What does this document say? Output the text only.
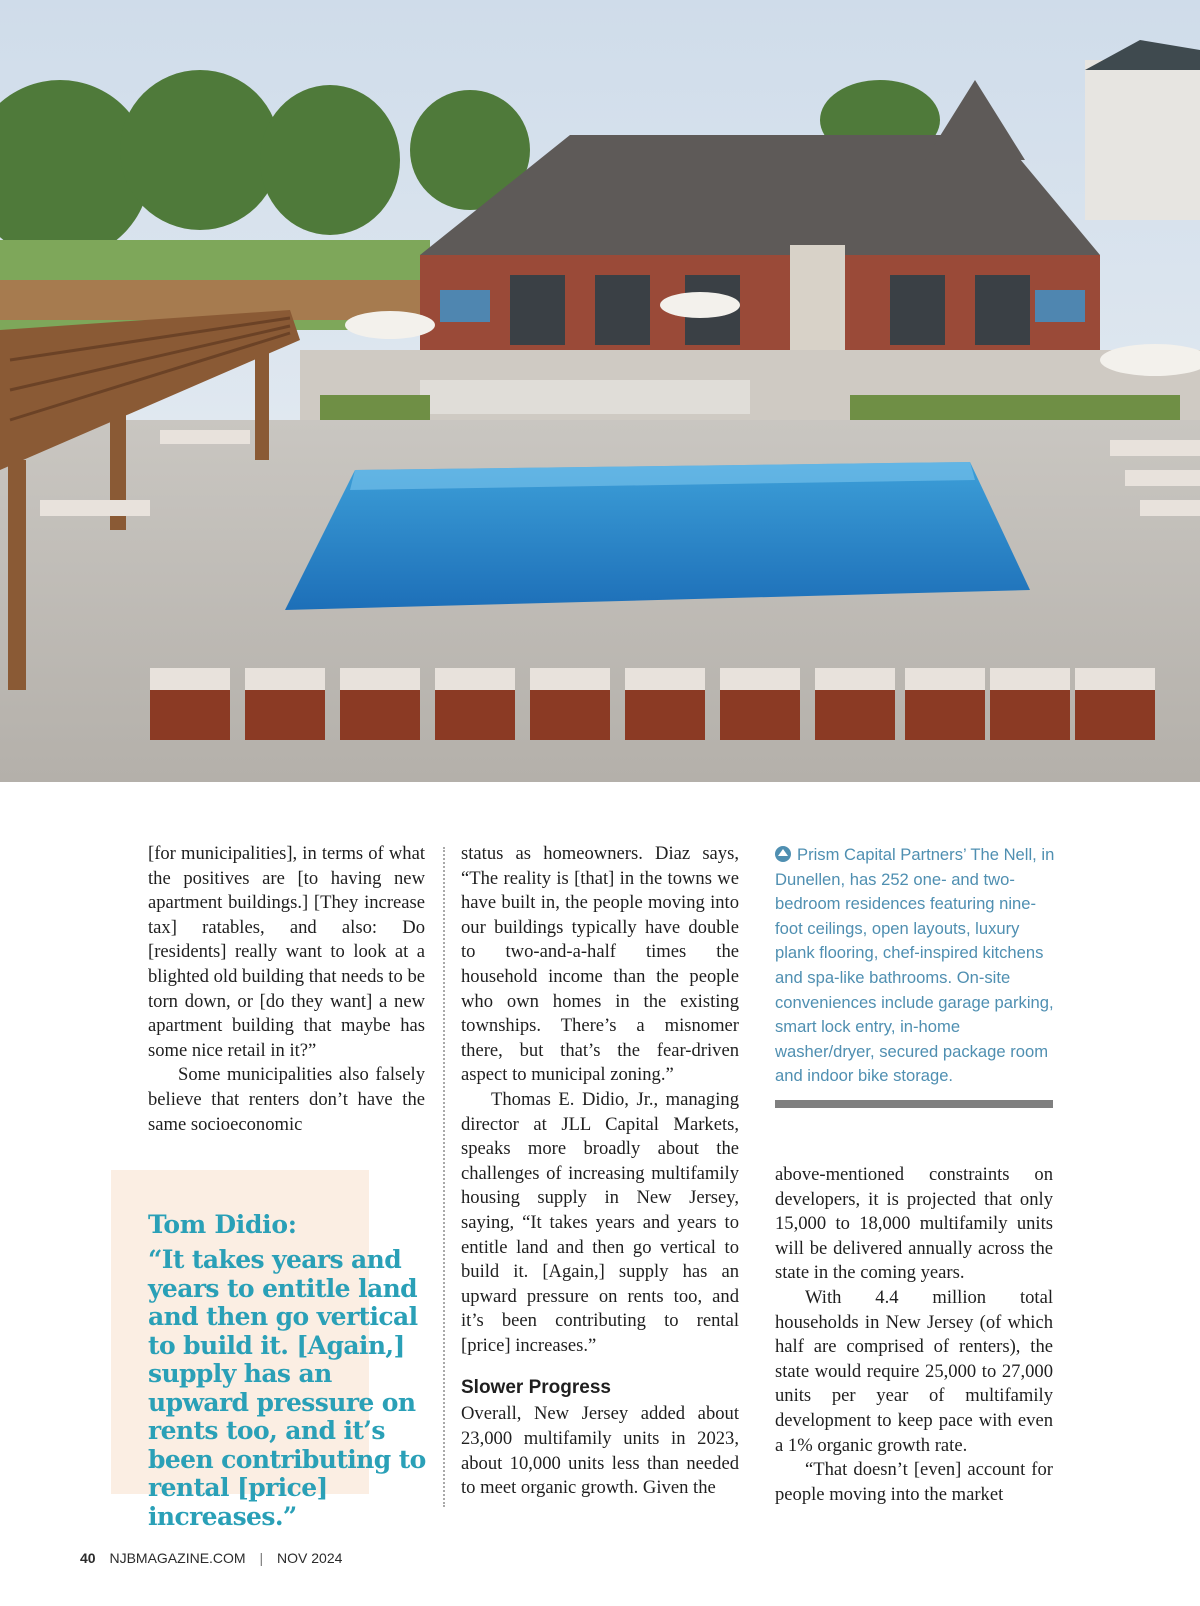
[for municipalities], in terms of what the positives are [to having new apartment buildings.] [They increase tax] ratables, and also: Do [residents] really want to look at a blighted old building that needs to be torn down, or [do they want] a new apartment building that maybe has some nice retail in it?”

Some municipalities also falsely believe that renters don’t have the same socioeconomic

status as homeowners. Diaz says, “The reality is [that] in the towns we have built in, the people moving into our buildings typically have double to two-and-a-half times the household income than the people who own homes in the existing townships. There’s a misnomer there, but that’s the fear-driven aspect to municipal zoning.”

Thomas E. Didio, Jr., managing director at JLL Capital Markets, speaks more broadly about the challenges of increasing multifamily housing supply in New Jersey, saying, “It takes years and years to entitle land and then go vertical to build it. [Again,] supply has an upward pressure on rents too, and it’s been contributing to rental [price] increases.”

Slower Progress

Overall, New Jersey added about 23,000 multifamily units in 2023, about 10,000 units less than needed to meet organic growth. Given the

Prism Capital Partners’ The Nell, in Dunellen, has 252 one- and two-bedroom residences featuring nine-foot ceilings, open layouts, luxury plank flooring, chef-inspired kitchens and spa-like bathrooms. On-site conveniences include garage parking, smart lock entry, in-home washer/dryer, secured package room and indoor bike storage.

above-mentioned constraints on developers, it is projected that only 15,000 to 18,000 multifamily units will be delivered annually across the state in the coming years.

With 4.4 million total households in New Jersey (of which half are comprised of renters), the state would require 25,000 to 27,000 units per year of multifamily development to keep pace with even a 1% organic growth rate.

“That doesn’t [even] account for people moving into the market

Tom Didio:
“It takes years and years to entitle land and then go vertical to build it. [Again,] supply has an upward pressure on rents too, and it’s been contributing to rental [price] increases.”
40 NJBMAGAZINE.COM | NOV 2024
